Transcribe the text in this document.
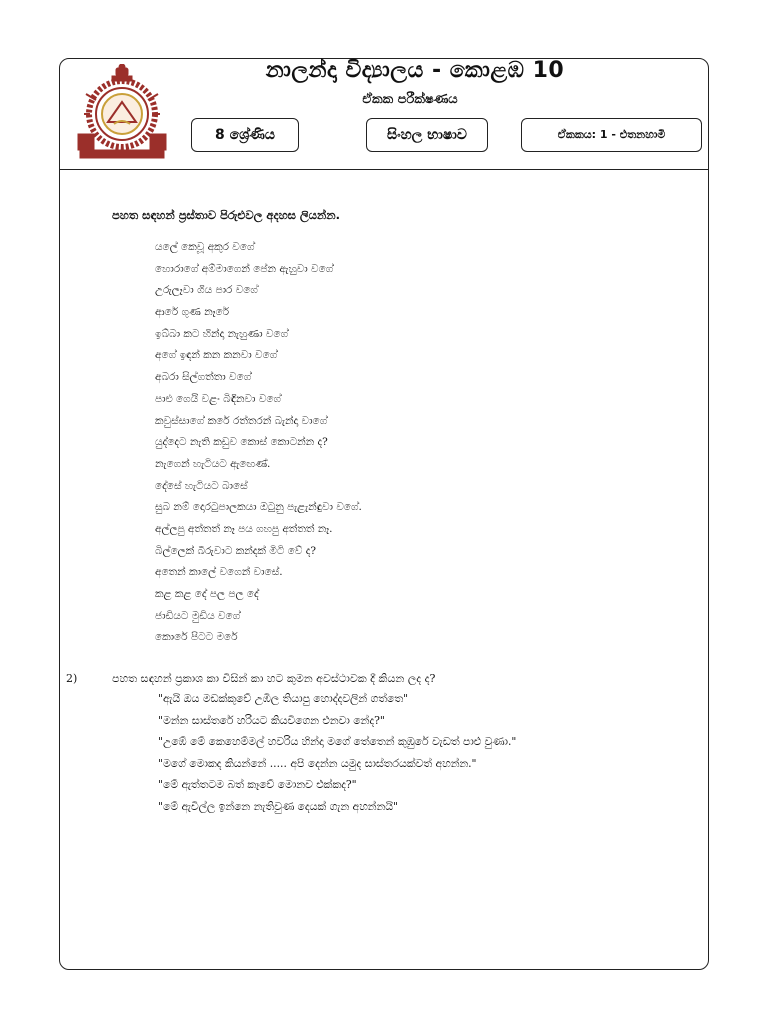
නාලන්දා විද්‍යාලය - කොළඹ 10
ඒකක පරීක්ෂණය
8 ශ්‍රේණිය	සිංහල භාෂාව	ඒකකය: 1 - එතනහාමි
පහත සඳහන් ප්‍රස්තාව පිරුළුවල අදහස ලියන්න.
යලේ කෙවූ අකුර වගේ
හොරාගේ අම්මාගෙන් පේන ඇහුවා වගේ
උරුලෑවා ගිය පාර වගේ
ආරේ ගුණ නෑරේ
ඉබ්බා කට හින්දා නැහුණා වගේ
අගේ ඉඳන් කන කනවා වගේ
අබරා සිල්ගත්තා වගේ
පාළු ගෙයි වළං බිඳිනවා වගේ
කවුස්සාගේ කරේ රත්තරන් බැන්දා වාගේ
යුද්දෙට නැති කඩුව කොස් කොටන්න ද?
නැගෙන් හැටියට ඇඟෙණ්.
දේසේ හැටියට බාසේ
සුබ නම් දොරටුපාලකයා ඔටුනු පැළැන්ඳුවා වගේ.
අල්ලපු අත්තත් නෑ පය ගහපු අත්තත් නෑ.
බිල්ලෙක් බීරුවාට කන්දක් මිටි වේ ද?
අතෙන් කාලේ වගෙන් වාසේ.
කළ කළ දේ පල පල දේ
ජාඩියට මුඩිය වගේ
කොරේ පිටට මරේ
2)	පහත සඳහන් ප්‍රකාශ කා විසින් කා හට කුමන අවස්ථාවක දී කියන ලද ද?
"ඇයි ඔය මඩක්කුවේ උඹිල තියාපු හොද්දවලින් ගත්තෙ"
"මන්න සාස්තරේ හරියට කියවිගෙන එනවා නේද?"
"උඹේ මේ කෙහෙම්මල් හවරිය හින්දා මගේ තේතෙන් කුඹුරේ වැඩත් පාළු වුණා."
"මගේ මොකද කියන්නේ ..... අපි දෙන්න යමුද සාස්තරයක්වත් අහන්න."
"මේ ඇත්තටම බත් කෑවේ මොනව එක්කද?"
"මේ ඇවිල්ල ඉන්නෙ නැතිවුණ දෙයක් ගැන අහන්නයි"
